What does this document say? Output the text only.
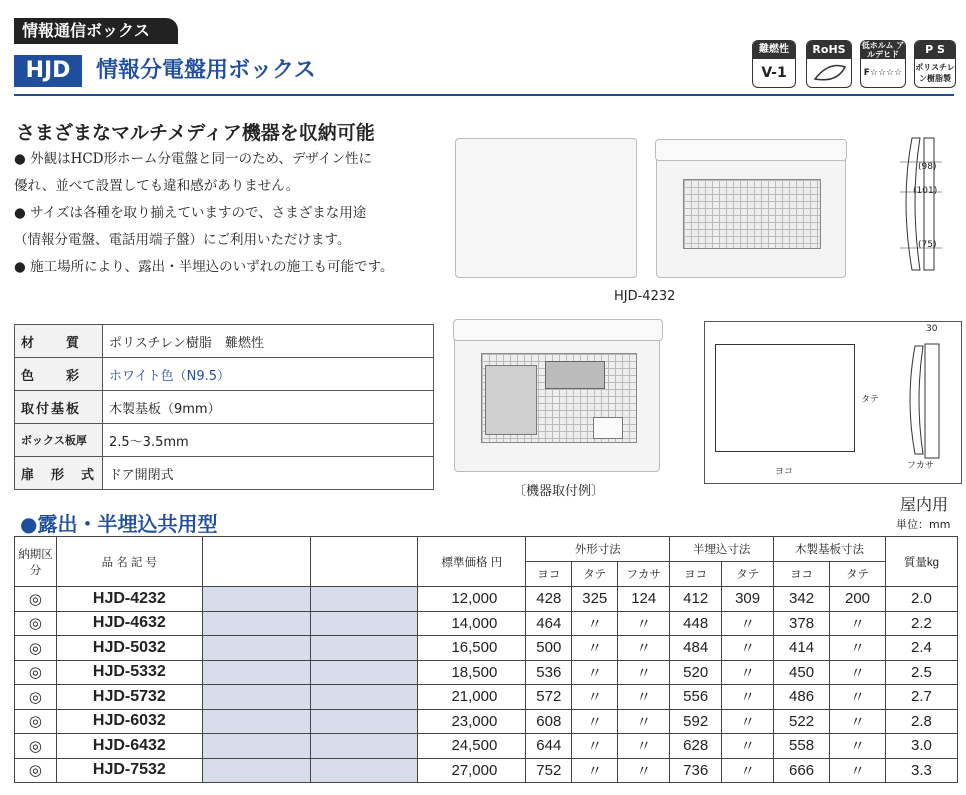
情報通信ボックス
HJD	情報分電盤用ボックス
難燃性
V-1
RoHS	低ホルム アルデヒド
F☆☆☆☆
P S
ポリスチレン樹脂製
さまざまなマルチメディア機器を収納可能
● 外観はHCD形ホーム分電盤と同一のため、デザイン性に
優れ、並べて設置しても違和感がありません。
● サイズは各種を取り揃えていますので、さまざまな用途
（情報分電盤、電話用端子盤）にご利用いただけます。
● 施工場所により、露出・半埋込のいずれの施工も可能です。
HJD-4232
(98)
(101)
(75)
〔機器取付例〕
ヨコ
タテ
30
フカサ
材　　質	ポリスチレン樹脂　難燃性
色　　彩	ホワイト色（N9.5）
取付基板	木製基板（9mm）
ボックス板厚	2.5〜3.5mm
扉　形　式	ドア開閉式
●露出・半埋込共用型
屋内用
単位：mm
納期区分	品 名 記 号			標準価格 円	外形寸法			半埋込寸法		木製基板寸法		質量kg
					ヨコ	タテ	フカサ	ヨコ	タテ	ヨコ	タテ	
◎	HJD-4232			12,000	428	325	124	412	309	342	200	2.0
◎	HJD-4632			14,000	464	〃	〃	448	〃	378	〃	2.2
◎	HJD-5032			16,500	500	〃	〃	484	〃	414	〃	2.4
◎	HJD-5332			18,500	536	〃	〃	520	〃	450	〃	2.5
◎	HJD-5732			21,000	572	〃	〃	556	〃	486	〃	2.7
◎	HJD-6032			23,000	608	〃	〃	592	〃	522	〃	2.8
◎	HJD-6432			24,500	644	〃	〃	628	〃	558	〃	3.0
◎	HJD-7532			27,000	752	〃	〃	736	〃	666	〃	3.3
